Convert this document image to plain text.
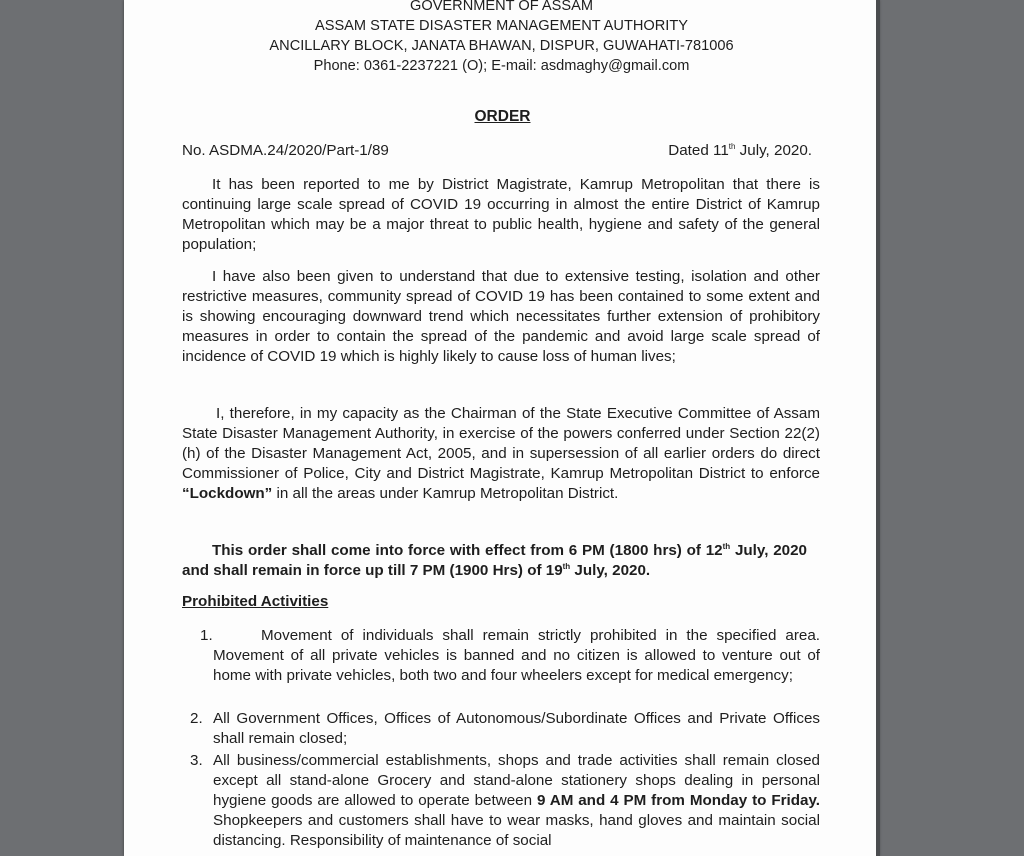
GOVERNMENT OF ASSAM
ASSAM STATE DISASTER MANAGEMENT AUTHORITY
ANCILLARY BLOCK, JANATA BHAWAN, DISPUR, GUWAHATI-781006
Phone: 0361-2237221 (O); E-mail: asdmaghy@gmail.com
ORDER
No. ASDMA.24/2020/Part-1/89	Dated 11th July, 2020.

It has been reported to me by District Magistrate, Kamrup Metropolitan that there is continuing large scale spread of COVID 19 occurring in almost the entire District of Kamrup Metropolitan which may be a major threat to public health, hygiene and safety of the general population;

I have also been given to understand that due to extensive testing, isolation and other restrictive measures, community spread of COVID 19 has been contained to some extent and is showing encouraging downward trend which necessitates further extension of prohibitory measures in order to contain the spread of the pandemic and avoid large scale spread of incidence of COVID 19 which is highly likely to cause loss of human lives;

I, therefore, in my capacity as the Chairman of the State Executive Committee of Assam State Disaster Management Authority, in exercise of the powers conferred under Section 22(2)(h) of the Disaster Management Act, 2005, and in supersession of all earlier orders do direct Commissioner of Police, City and District Magistrate, Kamrup Metropolitan District to enforce “Lockdown” in all the areas under Kamrup Metropolitan District.

This order shall come into force with effect from 6 PM (1800 hrs) of 12th July, 2020 and shall remain in force up till 7 PM (1900 Hrs) of 19th July, 2020.
Prohibited Activities
1.	Movement of individuals shall remain strictly prohibited in the specified area. Movement of all private vehicles is banned and no citizen is allowed to venture out of home with private vehicles, both two and four wheelers except for medical emergency;
2. All Government Offices, Offices of Autonomous/Subordinate Offices and Private Offices shall remain closed;
3. All business/commercial establishments, shops and trade activities shall remain closed except all stand-alone Grocery and stand-alone stationery shops dealing in personal hygiene goods are allowed to operate between 9 AM and 4 PM from Monday to Friday. Shopkeepers and customers shall have to wear masks, hand gloves and maintain social distancing. Responsibility of maintenance of social
